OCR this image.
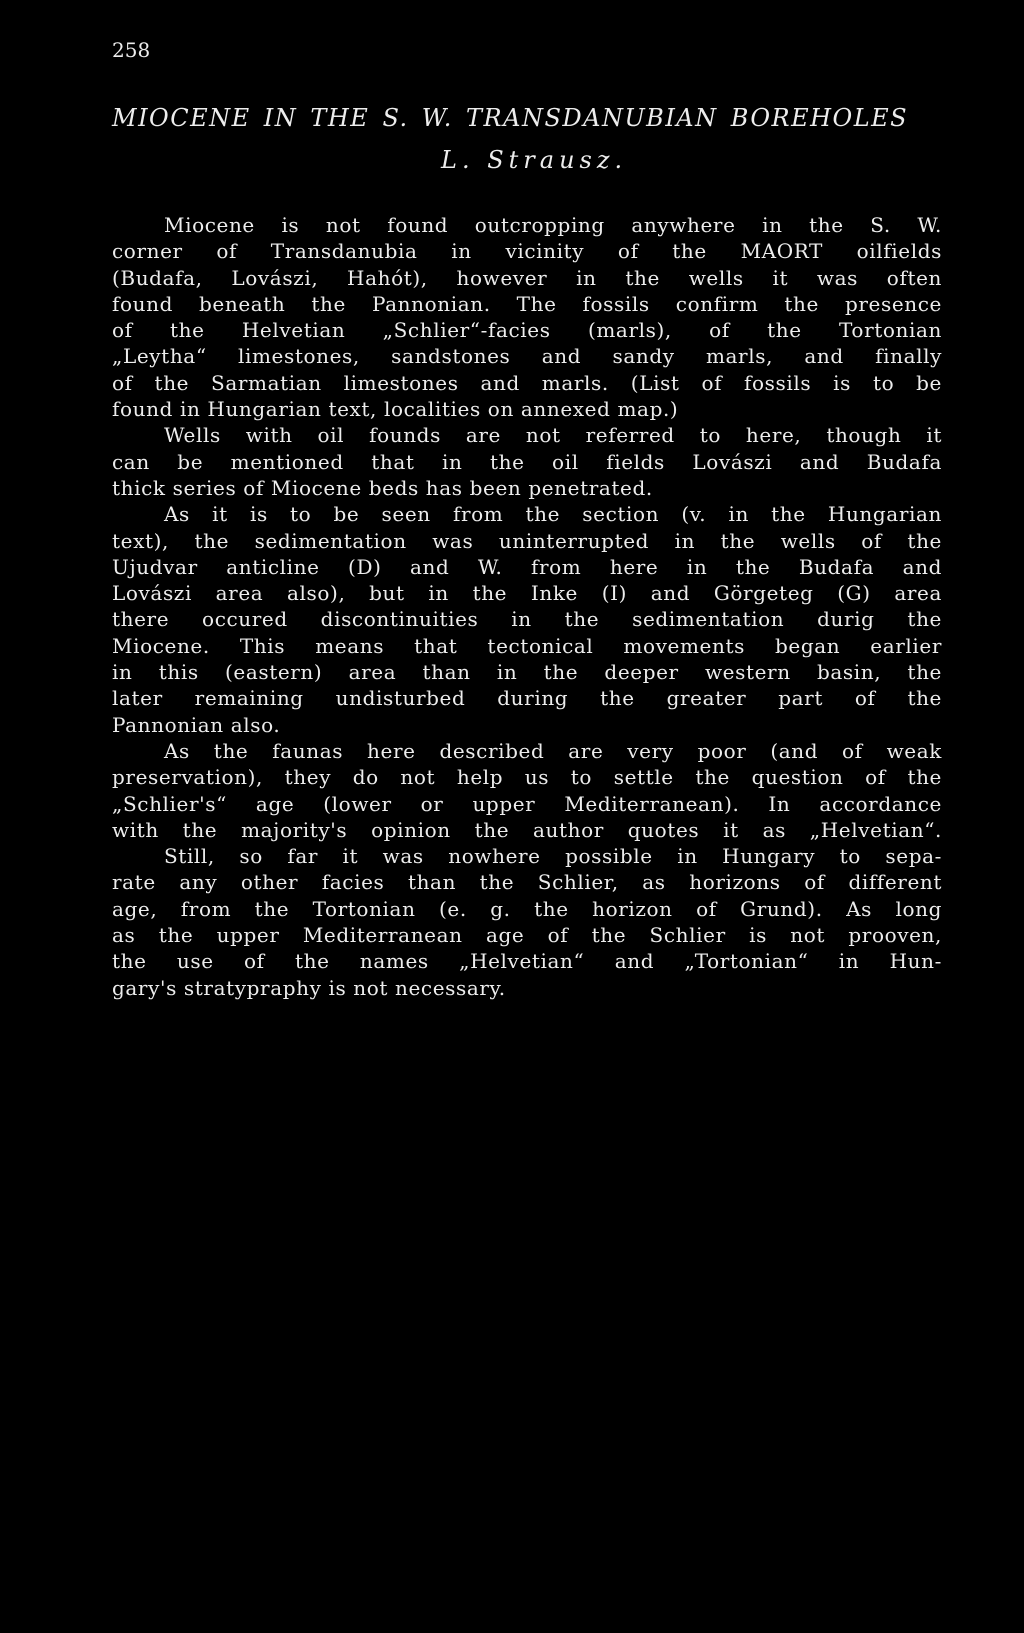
258
MIOCENE IN THE S. W. TRANSDANUBIAN BOREHOLES
L. Strausz.
Miocene is not found outcropping anywhere in the S. W.
corner of Transdanubia in vicinity of the MAORT oilfields
(Budafa, Lovászi, Hahót), however in the wells it was often
found beneath the Pannonian. The fossils confirm the presence
of the Helvetian „Schlier“-facies (marls), of the Tortonian
„Leytha“ limestones, sandstones and sandy marls, and finally
of the Sarmatian limestones and marls. (List of fossils is to be
found in Hungarian text, localities on annexed map.)
Wells with oil founds are not referred to here, though it
can be mentioned that in the oil fields Lovászi and Budafa
thick series of Miocene beds has been penetrated.
As it is to be seen from the section (v. in the Hungarian
text), the sedimentation was uninterrupted in the wells of the
Ujudvar anticline (D) and W. from here in the Budafa and
Lovászi area also), but in the Inke (I) and Görgeteg (G) area
there occured discontinuities in the sedimentation durig the
Miocene. This means that tectonical movements began earlier
in this (eastern) area than in the deeper western basin, the
later remaining undisturbed during the greater part of the
Pannonian also.
As the faunas here described are very poor (and of weak
preservation), they do not help us to settle the question of the
„Schlier's“ age (lower or upper Mediterranean). In accordance
with the majority's opinion the author quotes it as „Helvetian“.
Still, so far it was nowhere possible in Hungary to sepa-
rate any other facies than the Schlier, as horizons of different
age, from the Tortonian (e. g. the horizon of Grund). As long
as the upper Mediterranean age of the Schlier is not prooven,
the use of the names „Helvetian“ and „Tortonian“ in Hun-
gary's stratypraphy is not necessary.
